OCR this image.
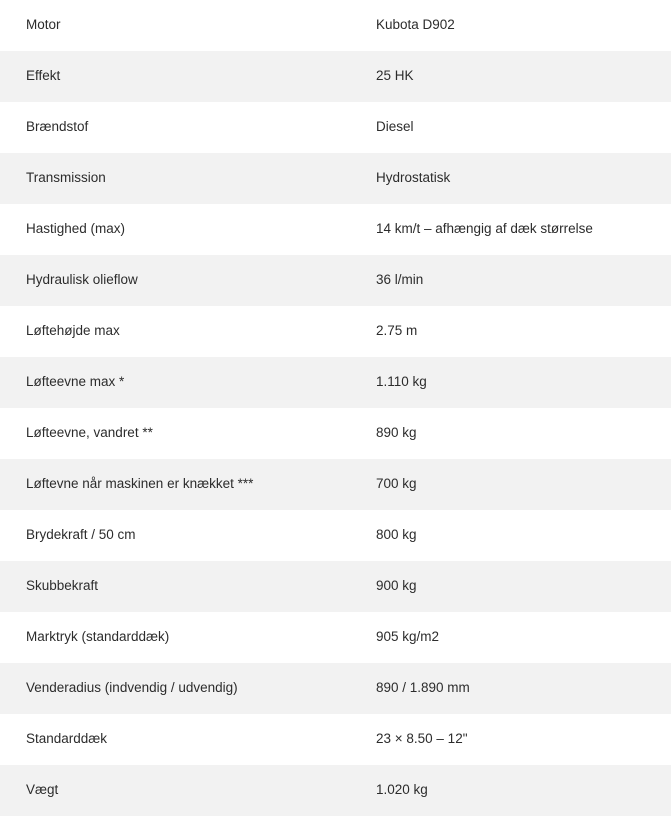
Motor	Kubota D902
Effekt	25 HK
Brændstof	Diesel
Transmission	Hydrostatisk
Hastighed (max)	14 km/t – afhængig af dæk størrelse
Hydraulisk olieflow	36 l/min
Løftehøjde max	2.75 m
Løfteevne max *	1.110 kg
Løfteevne, vandret **	890 kg
Løftevne når maskinen er knækket ***	700 kg
Brydekraft / 50 cm	800 kg
Skubbekraft	900 kg
Marktryk (standarddæk)	905 kg/m2
Venderadius (indvendig / udvendig)	890 / 1.890 mm
Standarddæk	23 × 8.50 – 12"
Vægt	1.020 kg
